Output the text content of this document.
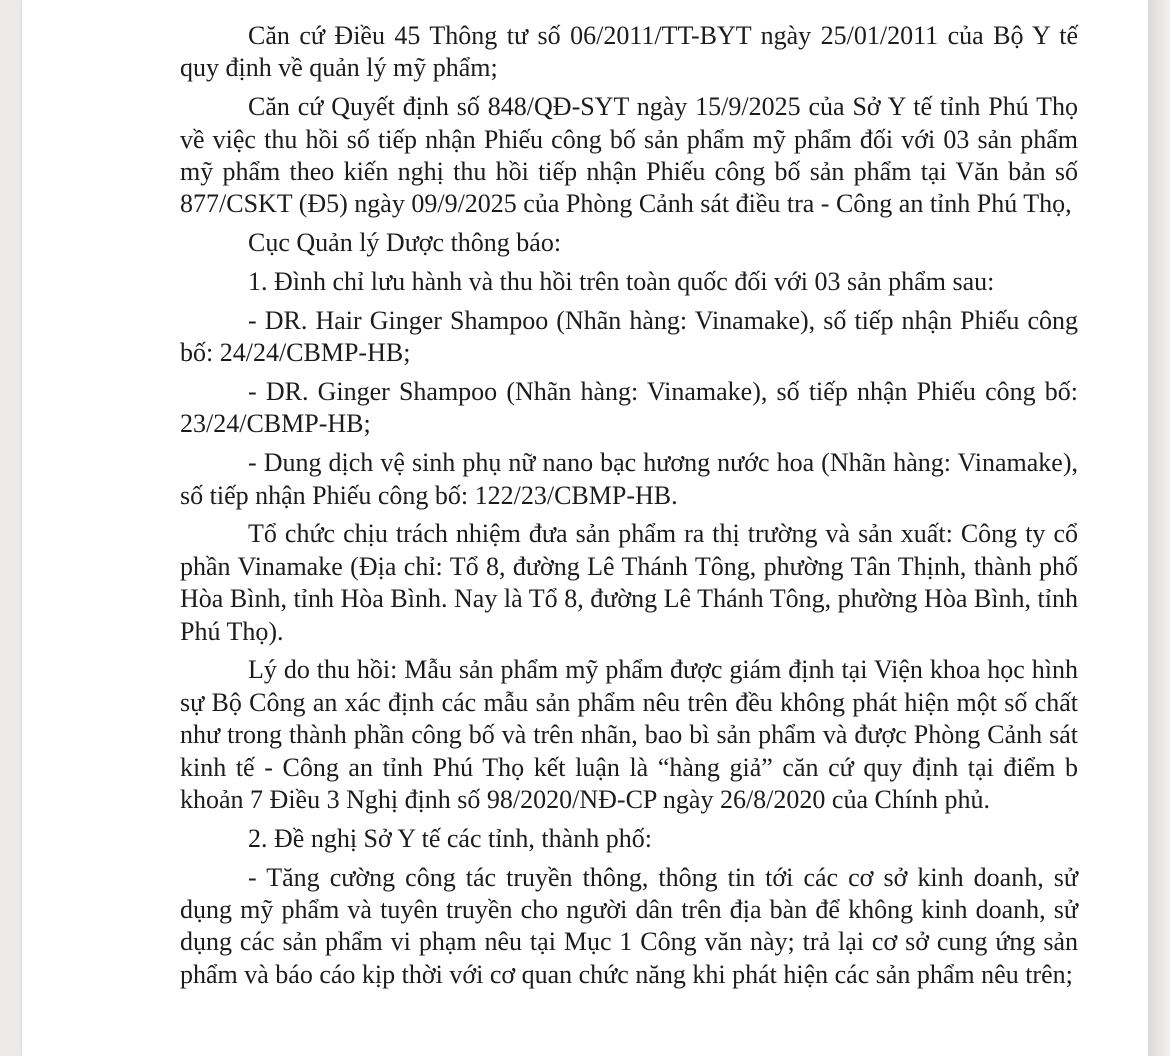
Căn cứ Điều 45 Thông tư số 06/2011/TT-BYT ngày 25/01/2011 của Bộ Y tế quy định về quản lý mỹ phẩm;

Căn cứ Quyết định số 848/QĐ-SYT ngày 15/9/2025 của Sở Y tế tỉnh Phú Thọ về việc thu hồi số tiếp nhận Phiếu công bố sản phẩm mỹ phẩm đối với 03 sản phẩm mỹ phẩm theo kiến nghị thu hồi tiếp nhận Phiếu công bố sản phẩm tại Văn bản số 877/CSKT (Đ5) ngày 09/9/2025 của Phòng Cảnh sát điều tra - Công an tỉnh Phú Thọ,

Cục Quản lý Dược thông báo:

1. Đình chỉ lưu hành và thu hồi trên toàn quốc đối với 03 sản phẩm sau:

- DR. Hair Ginger Shampoo (Nhãn hàng: Vinamake), số tiếp nhận Phiếu công bố: 24/24/CBMP-HB;

- DR. Ginger Shampoo (Nhãn hàng: Vinamake), số tiếp nhận Phiếu công bố: 23/24/CBMP-HB;

- Dung dịch vệ sinh phụ nữ nano bạc hương nước hoa (Nhãn hàng: Vinamake), số tiếp nhận Phiếu công bố: 122/23/CBMP-HB.

Tổ chức chịu trách nhiệm đưa sản phẩm ra thị trường và sản xuất: Công ty cổ phần Vinamake (Địa chỉ: Tổ 8, đường Lê Thánh Tông, phường Tân Thịnh, thành phố Hòa Bình, tỉnh Hòa Bình. Nay là Tổ 8, đường Lê Thánh Tông, phường Hòa Bình, tỉnh Phú Thọ).

Lý do thu hồi: Mẫu sản phẩm mỹ phẩm được giám định tại Viện khoa học hình sự Bộ Công an xác định các mẫu sản phẩm nêu trên đều không phát hiện một số chất như trong thành phần công bố và trên nhãn, bao bì sản phẩm và được Phòng Cảnh sát kinh tế - Công an tỉnh Phú Thọ kết luận là “hàng giả” căn cứ quy định tại điểm b khoản 7 Điều 3 Nghị định số 98/2020/NĐ-CP ngày 26/8/2020 của Chính phủ.

2. Đề nghị Sở Y tế các tỉnh, thành phố:

- Tăng cường công tác truyền thông, thông tin tới các cơ sở kinh doanh, sử dụng mỹ phẩm và tuyên truyền cho người dân trên địa bàn để không kinh doanh, sử dụng các sản phẩm vi phạm nêu tại Mục 1 Công văn này; trả lại cơ sở cung ứng sản phẩm và báo cáo kịp thời với cơ quan chức năng khi phát hiện các sản phẩm nêu trên;
